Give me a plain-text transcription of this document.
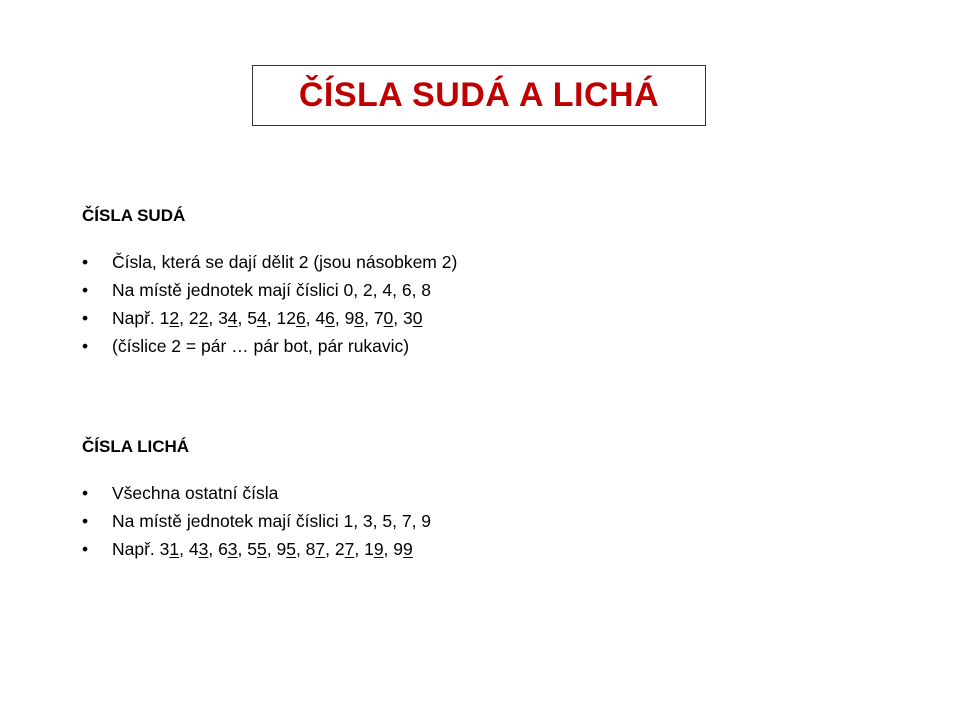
ČÍSLA SUDÁ A LICHÁ

ČÍSLA SUDÁ

• Čísla, která se dají dělit 2 (jsou násobkem 2)
• Na místě jednotek mají číslici 0, 2, 4, 6, 8
• Např. 12, 22, 34, 54, 126, 46, 98, 70, 30
• (číslice 2 = pár … pár bot, pár rukavic)

ČÍSLA LICHÁ

• Všechna ostatní čísla
• Na místě jednotek mají číslici 1, 3, 5, 7, 9
• Např. 31, 43, 63, 55, 95, 87, 27, 19, 99
